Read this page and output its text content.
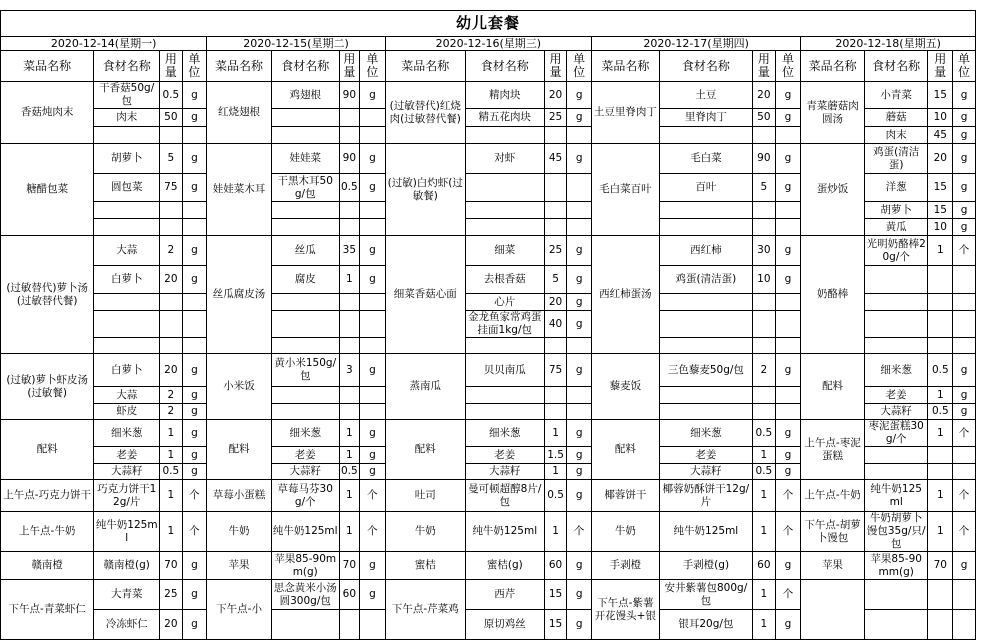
幼儿套餐																			
2020-12-14(星期一)				2020-12-15(星期二)				2020-12-16(星期三)				2020-12-17(星期四)				2020-12-18(星期五)			
菜品名称	食材名称	用量	单位	菜品名称	食材名称	用量	单位	菜品名称	食材名称	用量	单位	菜品名称	食材名称	用量	单位	菜品名称	食材名称	用量	单位
香菇炖肉末	干香菇50g/包	0.5	g	红烧翅根	鸡翅根	90	g	(过敏替代)红烧肉(过敏替代餐)	精肉块	20	g	土豆里脊肉丁	土豆	20	g	青菜蘑菇肉圆汤	小青菜	15	g
	肉末	50	g						精五花肉块	25	g		里脊肉丁	50	g		蘑菇	10	g
																	肉末	45	g
糖醋包菜	胡萝卜	5	g	娃娃菜木耳	娃娃菜	90	g	(过敏)白灼虾(过敏餐)	对虾	45	g	毛白菜百叶	毛白菜	90	g	蛋炒饭	鸡蛋(清洁蛋)	20	g
	圆包菜	75	g		干黑木耳50g/包	0.5	g						百叶	5	g		洋葱	15	g
																	胡萝卜	15	g
																	黄瓜	10	g
(过敏替代)萝卜汤(过敏替代餐)	大蒜	2	g	丝瓜腐皮汤	丝瓜	35	g	细菜香菇心面	细菜	25	g	西红柿蛋汤	西红柿	30	g	奶酪棒	光明奶酪棒20g/个	1	个
	白萝卜	20	g		腐皮	1	g		去根香菇	5	g		鸡蛋(清洁蛋)	10	g				
									心片	20	g								
									金龙鱼家常鸡蛋挂面1kg/包	40	g								

(过敏)萝卜虾皮汤(过敏餐)	白萝卜	20	g	小米饭	黄小米150g/包	3	g	蒸南瓜	贝贝南瓜	75	g	藜麦饭	三色藜麦50g/包	2	g	配料	细米葱	0.5	g
	大蒜	2	g														老姜	1	g
	虾皮	2	g														大蒜籽	0.5	g
配料	细米葱	1	g	配料	细米葱	1	g	配料	细米葱	1	g	配料	细米葱	0.5	g	上午点-枣泥蛋糕	枣泥蛋糕30g/个	1	个
	老姜	1	g		老姜	1	g		老姜	1.5	g		老姜	1	g				
	大蒜籽	0.5	g		大蒜籽	0.5	g		大蒜籽	1	g		大蒜籽	0.5	g				
上午点-巧克力饼干	巧克力饼干12g/片	1	个	草莓小蛋糕	草莓马芬30g/个	1	个	吐司	曼可顿超醇8片/包	0.5	g	椰蓉饼干	椰蓉奶酥饼干12g/片	1	个	上午点-牛奶	纯牛奶125ml	1	个
上午点-牛奶	纯牛奶125ml	1	个	牛奶	纯牛奶125ml	1	个	牛奶	纯牛奶125ml	1	个	牛奶	纯牛奶125ml	1	个	下午点-胡萝卜馒包	牛奶胡萝卜馒包35g/只/包	1	个
赣南橙	赣南橙(g)	70	g	苹果	苹果85-90mm(g)	70	g	蜜桔	蜜桔(g)	60	g	手剥橙	手剥橙(g)	60	g	苹果	苹果85-90mm(g)	70	g
下午点-青菜虾仁	大青菜	25	g	下午点-小	思念黄米小汤圆300g/包	60	g	下午点-芹菜鸡	西芹	15	g	下午点-紫薯开花馒头+银	安井紫薯包800g/包	1	个				
	冷冻虾仁	20	g						原切鸡丝	15	g		银耳20g/包	1	g				
